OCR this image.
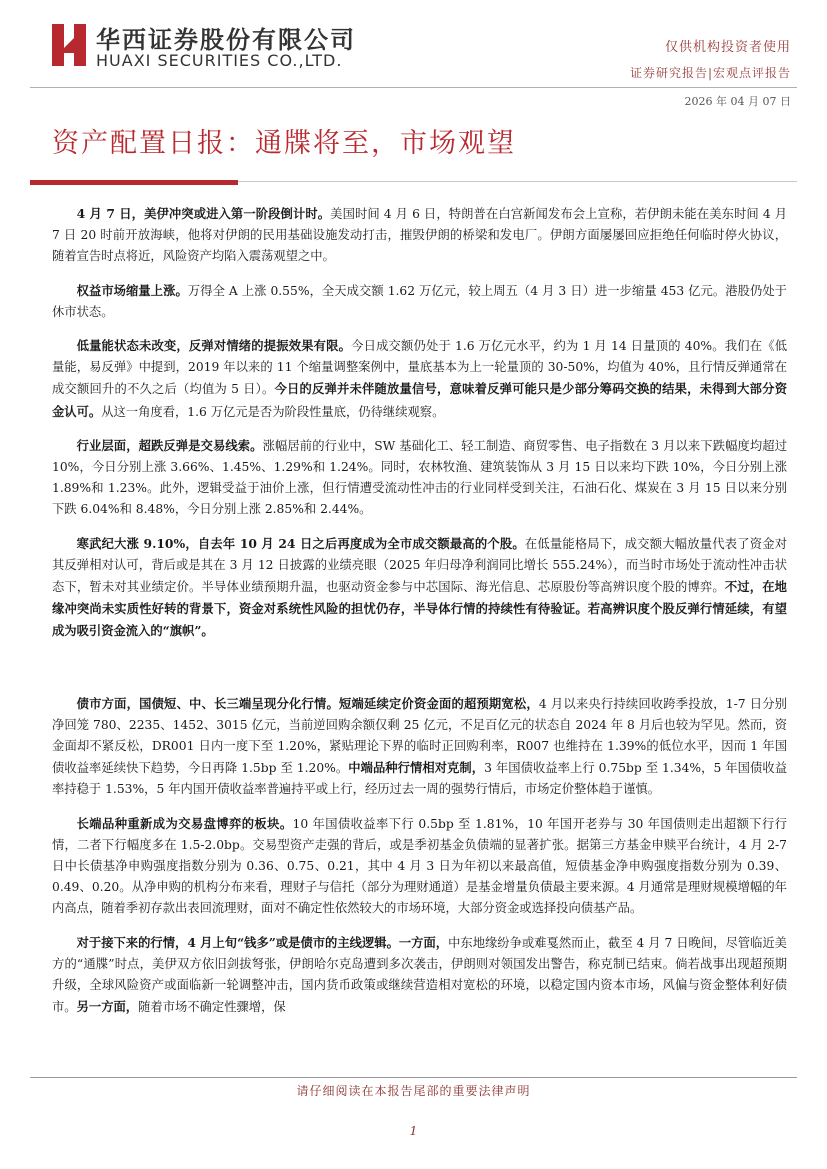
华西证券股份有限公司
HUAXI SECURITIES CO.,LTD.
仅供机构投资者使用
证券研究报告|宏观点评报告
2026 年 04 月 07 日
资产配置日报：通牒将至，市场观望

4 月 7 日，美伊冲突或进入第一阶段倒计时。美国时间 4 月 6 日，特朗普在白宫新闻发布会上宣称，若伊朗未能在美东时间 4 月 7 日 20 时前开放海峡，他将对伊朗的民用基础设施发动打击，摧毁伊朗的桥梁和发电厂。伊朗方面屡屡回应拒绝任何临时停火协议，随着宣告时点将近，风险资产均陷入震荡观望之中。

权益市场缩量上涨。万得全 A 上涨 0.55%，全天成交额 1.62 万亿元，较上周五（4 月 3 日）进一步缩量 453 亿元。港股仍处于休市状态。

低量能状态未改变，反弹对情绪的提振效果有限。今日成交额仍处于 1.6 万亿元水平，约为 1 月 14 日量顶的 40%。我们在《低量能，易反弹》中提到，2019 年以来的 11 个缩量调整案例中，量底基本为上一轮量顶的 30-50%，均值为 40%，且行情反弹通常在成交额回升的不久之后（均值为 5 日）。今日的反弹并未伴随放量信号，意味着反弹可能只是少部分筹码交换的结果，未得到大部分资金认可。从这一角度看，1.6 万亿元是否为阶段性量底，仍待继续观察。

行业层面，超跌反弹是交易线索。涨幅居前的行业中，SW 基础化工、轻工制造、商贸零售、电子指数在 3 月以来下跌幅度均超过 10%，今日分别上涨 3.66%、1.45%、1.29%和 1.24%。同时，农林牧渔、建筑装饰从 3 月 15 日以来均下跌 10%，今日分别上涨 1.89%和 1.23%。此外，逻辑受益于油价上涨，但行情遭受流动性冲击的行业同样受到关注，石油石化、煤炭在 3 月 15 日以来分别下跌 6.04%和 8.48%，今日分别上涨 2.85%和 2.44%。

寒武纪大涨 9.10%，自去年 10 月 24 日之后再度成为全市成交额最高的个股。在低量能格局下，成交额大幅放量代表了资金对其反弹相对认可，背后或是其在 3 月 12 日披露的业绩亮眼（2025 年归母净利润同比增长 555.24%），而当时市场处于流动性冲击状态下，暂未对其业绩定价。半导体业绩预期升温，也驱动资金参与中芯国际、海光信息、芯原股份等高辨识度个股的博弈。不过，在地缘冲突尚未实质性好转的背景下，资金对系统性风险的担忧仍存，半导体行情的持续性有待验证。若高辨识度个股反弹行情延续，有望成为吸引资金流入的“旗帜”。

债市方面，国债短、中、长三端呈现分化行情。短端延续定价资金面的超预期宽松，4 月以来央行持续回收跨季投放，1-7 日分别净回笼 780、2235、1452、3015 亿元，当前逆回购余额仅剩 25 亿元，不足百亿元的状态自 2024 年 8 月后也较为罕见。然而，资金面却不紧反松，DR001 日内一度下至 1.20%，紧贴理论下界的临时正回购利率，R007 也维持在 1.39%的低位水平，因而 1 年国债收益率延续快下趋势，今日再降 1.5bp 至 1.20%。中端品种行情相对克制，3 年国债收益率上行 0.75bp 至 1.34%，5 年国债收益率持稳于 1.53%，5 年内国开债收益率普遍持平或上行，经历过去一周的强势行情后，市场定价整体趋于谨慎。

长端品种重新成为交易盘博弈的板块。10 年国债收益率下行 0.5bp 至 1.81%，10 年国开老券与 30 年国债则走出超额下行行情，二者下行幅度多在 1.5-2.0bp。交易型资产走强的背后，或是季初基金负债端的显著扩张。据第三方基金申赎平台统计，4 月 2-7 日中长债基净申购强度指数分别为 0.36、0.75、0.21，其中 4 月 3 日为年初以来最高值，短债基金净申购强度指数分别为 0.39、0.49、0.20。从净申购的机构分布来看，理财子与信托（部分为理财通道）是基金增量负债最主要来源。4 月通常是理财规模增幅的年内高点，随着季初存款出表回流理财，面对不确定性依然较大的市场环境，大部分资金或选择投向债基产品。

对于接下来的行情，4 月上旬“钱多”或是债市的主线逻辑。一方面，中东地缘纷争或难戛然而止，截至 4 月 7 日晚间，尽管临近美方的“通牒”时点，美伊双方依旧剑拔弩张，伊朗哈尔克岛遭到多次袭击，伊朗则对领国发出警告，称克制已结束。倘若战事出现超预期升级，全球风险资产或面临新一轮调整冲击，国内货币政策或继续营造相对宽松的环境，以稳定国内资本市场，风偏与资金整体利好债市。另一方面，随着市场不确定性骤增，保

请仔细阅读在本报告尾部的重要法律声明
1
